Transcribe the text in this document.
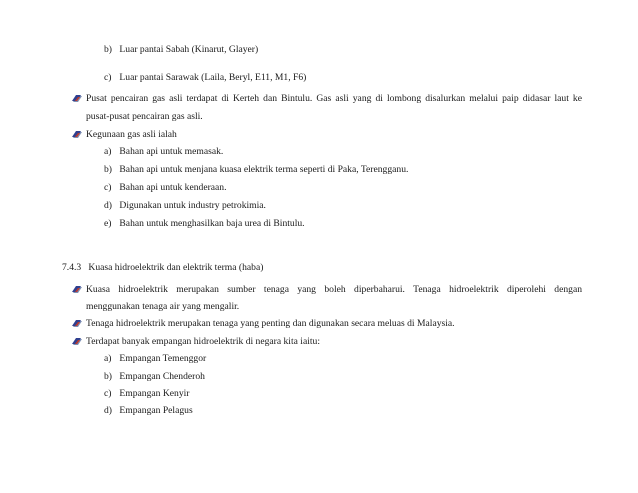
b) Luar pantai Sabah (Kinarut, Glayer)
c) Luar pantai Sarawak (Laila, Beryl, E11, M1, F6)
Pusat pencairan gas asli terdapat di Kerteh dan Bintulu. Gas asli yang di lombong disalurkan melalui paip didasar laut ke
pusat-pusat pencairan gas asli.
Kegunaan gas asli ialah
a) Bahan api untuk memasak.
b) Bahan api untuk menjana kuasa elektrik terma seperti di Paka, Terengganu.
c) Bahan api untuk kenderaan.
d) Digunakan untuk industry petrokimia.
e) Bahan untuk menghasilkan baja urea di Bintulu.
7.4.3 Kuasa hidroelektrik dan elektrik terma (haba)
Kuasa hidroelektrik merupakan sumber tenaga yang boleh diperbaharui. Tenaga hidroelektrik diperolehi dengan
menggunakan tenaga air yang mengalir.
Tenaga hidroelektrik merupakan tenaga yang penting dan digunakan secara meluas di Malaysia.
Terdapat banyak empangan hidroelektrik di negara kita iaitu:
a) Empangan Temenggor
b) Empangan Chenderoh
c) Empangan Kenyir
d) Empangan Pelagus
